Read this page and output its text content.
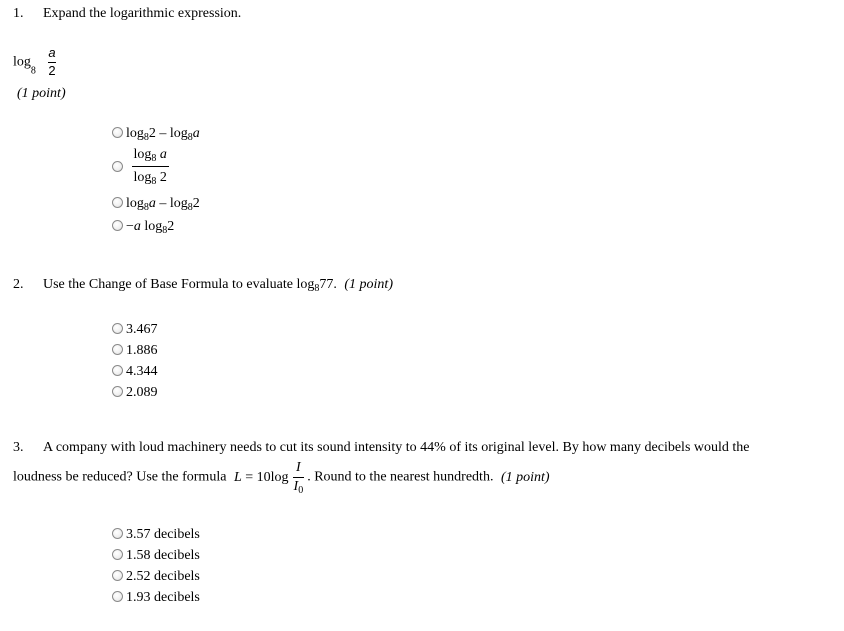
1. Expand the logarithmic expression.
$\log_8 \frac{a}{2}$
(1 point)
$\log_82 - \log_8a$

$\frac{\log_8 a}{\log_8 2}$
$\log_8a - \log_82$
−a $\log_82$
2. Use the Change of Base Formula to evaluate $\log_877$. (1 point)
3.467
1.886
4.344
2.089
3. A company with loud machinery needs to cut its sound intensity to 44% of its original level. By how many decibels would the
loudness be reduced? Use the formula $L = 10\log \frac{I}{I_0}$ . Round to the nearest hundredth. (1 point)
3.57 decibels
1.58 decibels
2.52 decibels
1.93 decibels
